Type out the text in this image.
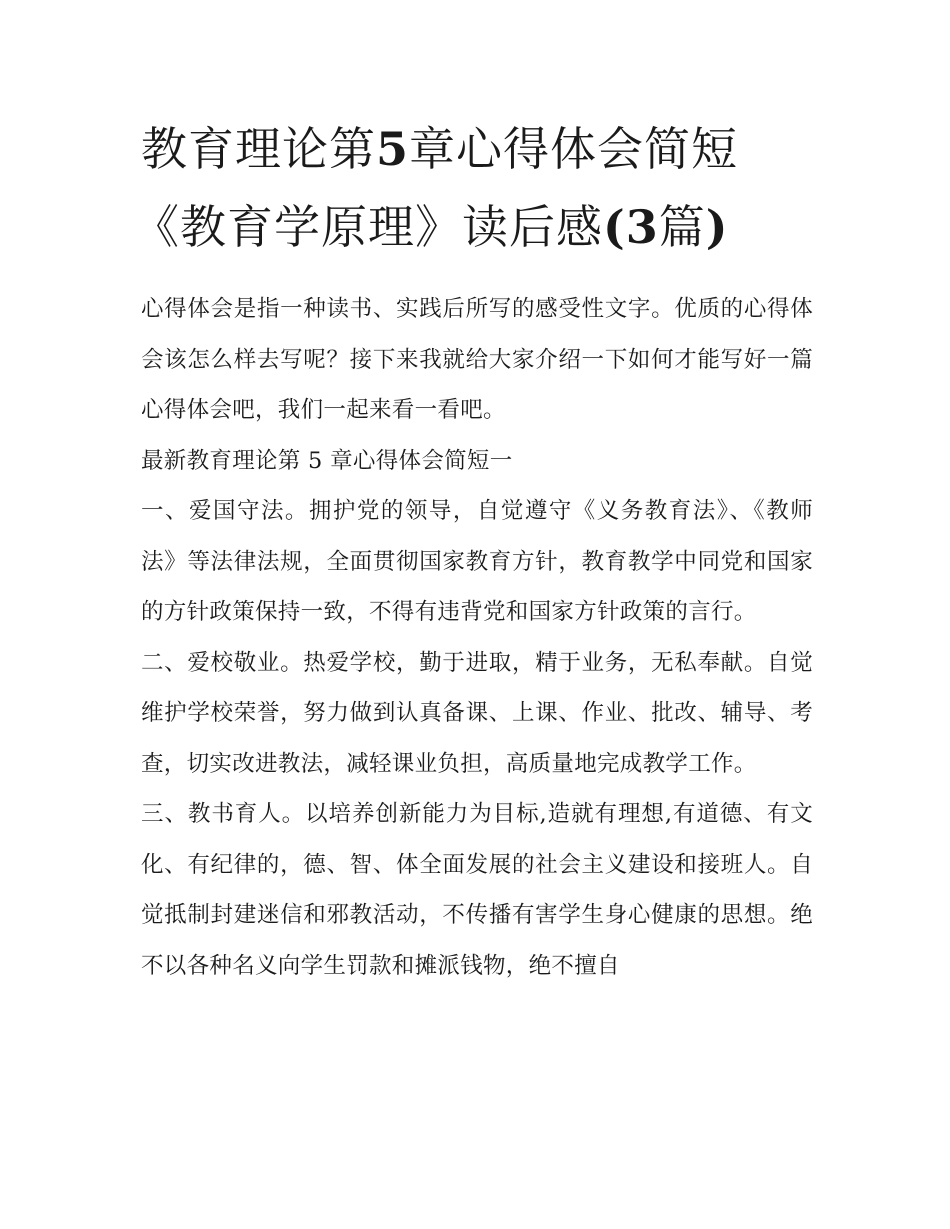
教育理论第5章心得体会简短
《教育学原理》读后感(3篇)

心得体会是指一种读书、实践后所写的感受性文字。优质的心得体会该怎么样去写呢？接下来我就给大家介绍一下如何才能写好一篇心得体会吧，我们一起来看一看吧。

最新教育理论第 5 章心得体会简短一

一、爱国守法。拥护党的领导，自觉遵守《义务教育法》、《教师法》等法律法规，全面贯彻国家教育方针，教育教学中同党和国家的方针政策保持一致，不得有违背党和国家方针政策的言行。

二、爱校敬业。热爱学校，勤于进取，精于业务，无私奉献。自觉维护学校荣誉，努力做到认真备课、上课、作业、批改、辅导、考查，切实改进教法，减轻课业负担，高质量地完成教学工作。

三、教书育人。以培养创新能力为目标,造就有理想,有道德、有文化、有纪律的，德、智、体全面发展的社会主义建设和接班人。自觉抵制封建迷信和邪教活动，不传播有害学生身心健康的思想。绝不以各种名义向学生罚款和摊派钱物，绝不擅自
